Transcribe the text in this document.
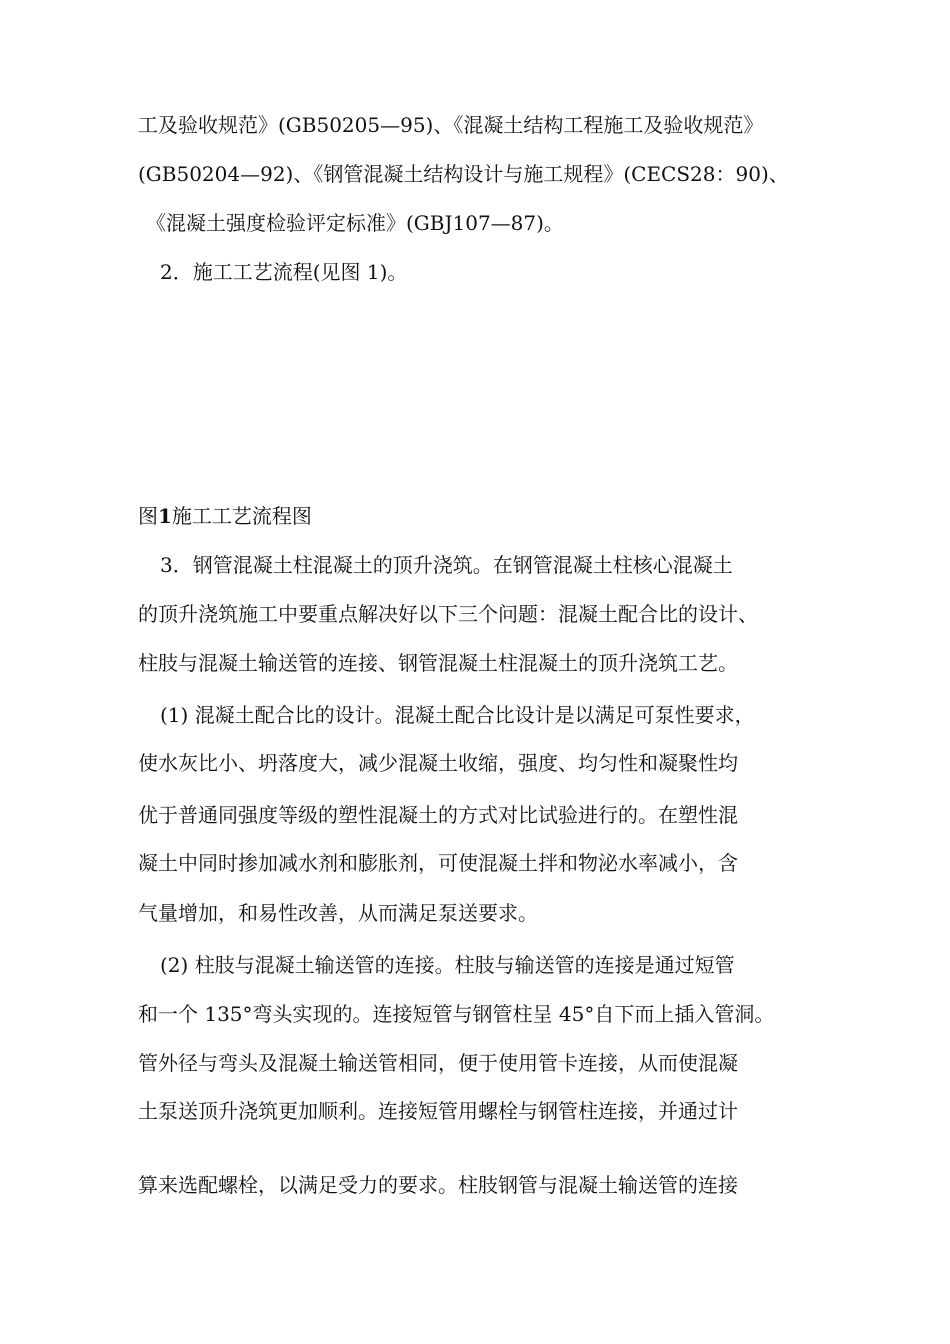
工及验收规范》(GB50205—95)、《混凝土结构工程施工及验收规范》
(GB50204—92)、《钢管混凝土结构设计与施工规程》(CECS28：90)、
《混凝土强度检验评定标准》(GBJ107—87)。
2．施工工艺流程(见图 1)。
图1施工工艺流程图
3．钢管混凝土柱混凝土的顶升浇筑。在钢管混凝土柱核心混凝土
的顶升浇筑施工中要重点解决好以下三个问题：混凝土配合比的设计、
柱肢与混凝土输送管的连接、钢管混凝土柱混凝土的顶升浇筑工艺。
(1) 混凝土配合比的设计。混凝土配合比设计是以满足可泵性要求，
使水灰比小、坍落度大，减少混凝土收缩，强度、均匀性和凝聚性均
优于普通同强度等级的塑性混凝土的方式对比试验进行的。在塑性混
凝土中同时掺加减水剂和膨胀剂，可使混凝土拌和物泌水率减小，含
气量增加，和易性改善，从而满足泵送要求。
(2) 柱肢与混凝土输送管的连接。柱肢与输送管的连接是通过短管
和一个 135°弯头实现的。连接短管与钢管柱呈 45°自下而上插入管洞。
管外径与弯头及混凝土输送管相同，便于使用管卡连接，从而使混凝
土泵送顶升浇筑更加顺利。连接短管用螺栓与钢管柱连接，并通过计
算来选配螺栓，以满足受力的要求。柱肢钢管与混凝土输送管的连接
